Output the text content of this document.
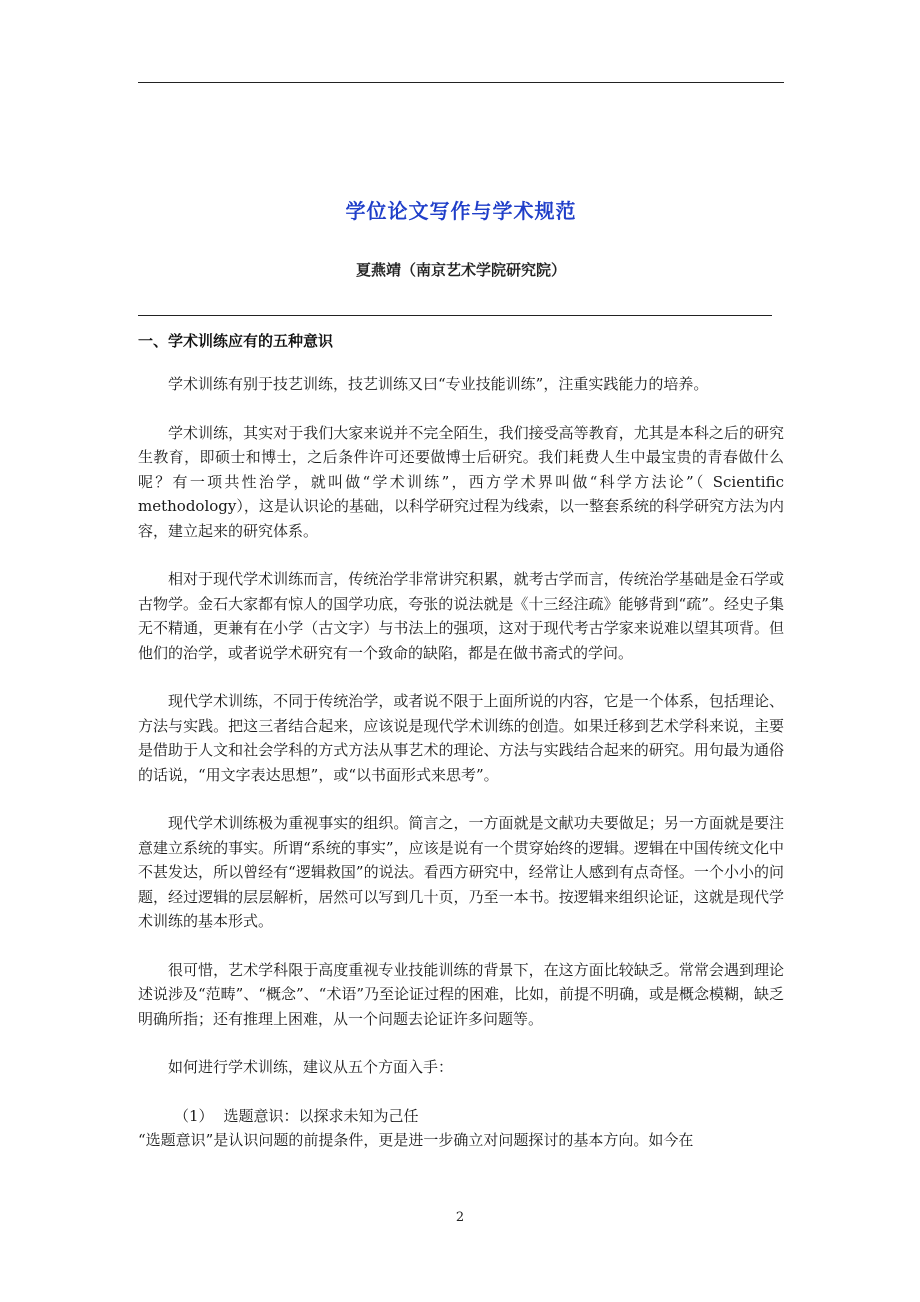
学位论文写作与学术规范
夏燕靖（南京艺术学院研究院）
一、学术训练应有的五种意识

学术训练有别于技艺训练，技艺训练又曰“专业技能训练”，注重实践能力的培养。

学术训练，其实对于我们大家来说并不完全陌生，我们接受高等教育，尤其是本科之后的研究生教育，即硕士和博士，之后条件许可还要做博士后研究。我们耗费人生中最宝贵的青春做什么呢？有一项共性治学，就叫做“学术训练”，西方学术界叫做“科学方法论”（ Scientific methodology），这是认识论的基础，以科学研究过程为线索，以一整套系统的科学研究方法为内容，建立起来的研究体系。

相对于现代学术训练而言，传统治学非常讲究积累，就考古学而言，传统治学基础是金石学或古物学。金石大家都有惊人的国学功底，夸张的说法就是《十三经注疏》能够背到“疏”。经史子集无不精通，更兼有在小学（古文字）与书法上的强项，这对于现代考古学家来说难以望其项背。但他们的治学，或者说学术研究有一个致命的缺陷，都是在做书斋式的学问。

现代学术训练，不同于传统治学，或者说不限于上面所说的内容，它是一个体系，包括理论、方法与实践。把这三者结合起来，应该说是现代学术训练的创造。如果迁移到艺术学科来说，主要是借助于人文和社会学科的方式方法从事艺术的理论、方法与实践结合起来的研究。用句最为通俗的话说，“用文字表达思想”，或“以书面形式来思考”。

现代学术训练极为重视事实的组织。简言之，一方面就是文献功夫要做足；另一方面就是要注意建立系统的事实。所谓“系统的事实”，应该是说有一个贯穿始终的逻辑。逻辑在中国传统文化中不甚发达，所以曾经有“逻辑救国”的说法。看西方研究中，经常让人感到有点奇怪。一个小小的问题，经过逻辑的层层解析，居然可以写到几十页，乃至一本书。按逻辑来组织论证，这就是现代学术训练的基本形式。

很可惜，艺术学科限于高度重视专业技能训练的背景下，在这方面比较缺乏。常常会遇到理论述说涉及“范畴”、“概念”、“术语”乃至论证过程的困难，比如，前提不明确，或是概念模糊，缺乏明确所指；还有推理上困难，从一个问题去论证许多问题等。

如何进行学术训练，建议从五个方面入手：

（1） 选题意识：以探求未知为己任

“选题意识”是认识问题的前提条件，更是进一步确立对问题探讨的基本方向。如今在

2
